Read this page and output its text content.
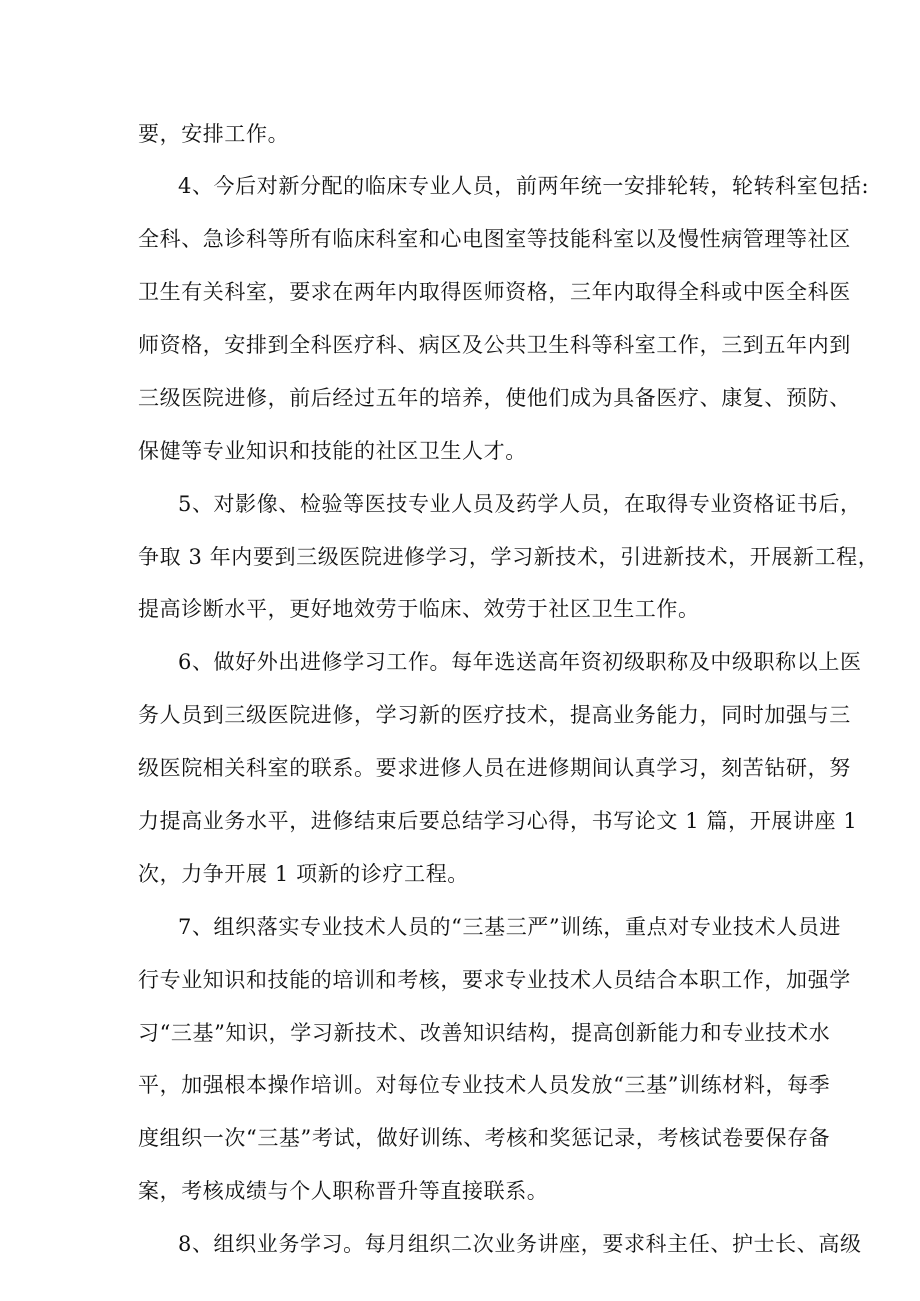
要，安排工作。
4、今后对新分配的临床专业人员，前两年统一安排轮转，轮转科室包括:
全科、急诊科等所有临床科室和心电图室等技能科室以及慢性病管理等社区
卫生有关科室，要求在两年内取得医师资格，三年内取得全科或中医全科医
师资格，安排到全科医疗科、病区及公共卫生科等科室工作，三到五年内到
三级医院进修，前后经过五年的培养，使他们成为具备医疗、康复、预防、
保健等专业知识和技能的社区卫生人才。
5、对影像、检验等医技专业人员及药学人员，在取得专业资格证书后，
争取 3 年内要到三级医院进修学习，学习新技术，引进新技术，开展新工程，
提高诊断水平，更好地效劳于临床、效劳于社区卫生工作。
6、做好外出进修学习工作。每年选送高年资初级职称及中级职称以上医
务人员到三级医院进修，学习新的医疗技术，提高业务能力，同时加强与三
级医院相关科室的联系。要求进修人员在进修期间认真学习，刻苦钻研，努
力提高业务水平，进修结束后要总结学习心得，书写论文 1 篇，开展讲座 1
次，力争开展 1 项新的诊疗工程。
7、组织落实专业技术人员的“三基三严”训练，重点对专业技术人员进
行专业知识和技能的培训和考核，要求专业技术人员结合本职工作，加强学
习“三基”知识，学习新技术、改善知识结构，提高创新能力和专业技术水
平，加强根本操作培训。对每位专业技术人员发放“三基”训练材料，每季
度组织一次“三基”考试，做好训练、考核和奖惩记录，考核试卷要保存备
案，考核成绩与个人职称晋升等直接联系。
8、组织业务学习。每月组织二次业务讲座，要求科主任、护士长、高级
